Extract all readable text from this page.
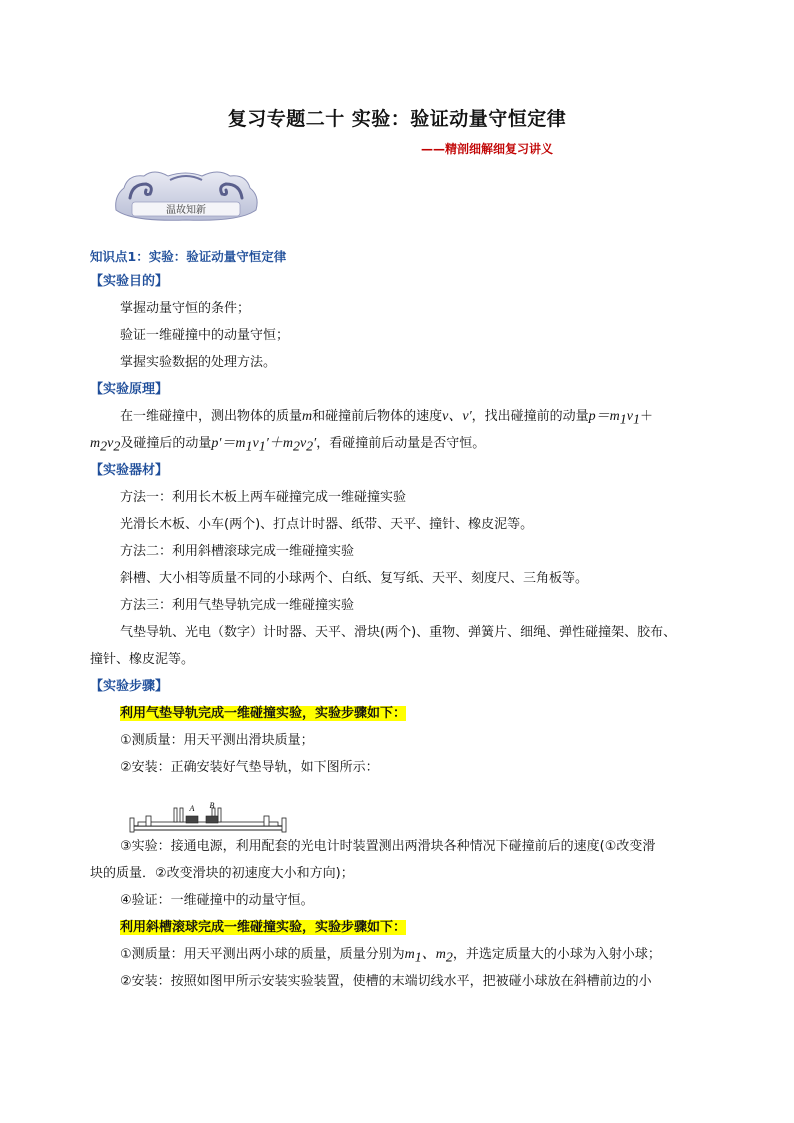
复习专题二十 实验：验证动量守恒定律
——精剖细解细复习讲义
温故知新
知识点1：实验：验证动量守恒定律
【实验目的】
掌握动量守恒的条件；
验证一维碰撞中的动量守恒；
掌握实验数据的处理方法。
【实验原理】
在一维碰撞中，测出物体的质量m和碰撞前后物体的速度v、v′，找出碰撞前的动量$p=m_1v_1+$
$m_2v_2$及碰撞后的动量$p'=m_1v_1'+m_2v_2'$，看碰撞前后动量是否守恒。
【实验器材】
方法一：利用长木板上两车碰撞完成一维碰撞实验
光滑长木板、小车(两个)、打点计时器、纸带、天平、撞针、橡皮泥等。
方法二：利用斜槽滚球完成一维碰撞实验
斜槽、大小相等质量不同的小球两个、白纸、复写纸、天平、刻度尺、三角板等。
方法三：利用气垫导轨完成一维碰撞实验
气垫导轨、光电（数字）计时器、天平、滑块(两个)、重物、弹簧片、细绳、弹性碰撞架、胶布、
撞针、橡皮泥等。
【实验步骤】
利用气垫导轨完成一维碰撞实验，实验步骤如下：
①测质量：用天平测出滑块质量；
②安装：正确安装好气垫导轨，如下图所示：
③实验：接通电源，利用配套的光电计时装置测出两滑块各种情况下碰撞前后的速度(①改变滑
块的质量．②改变滑块的初速度大小和方向)；
④验证：一维碰撞中的动量守恒。
利用斜槽滚球完成一维碰撞实验，实验步骤如下：
①测质量：用天平测出两小球的质量，质量分别为$m_1$、$m_2$，并选定质量大的小球为入射小球；
②安装：按照如图甲所示安装实验装置，使槽的末端切线水平，把被碰小球放在斜槽前边的小
A B
